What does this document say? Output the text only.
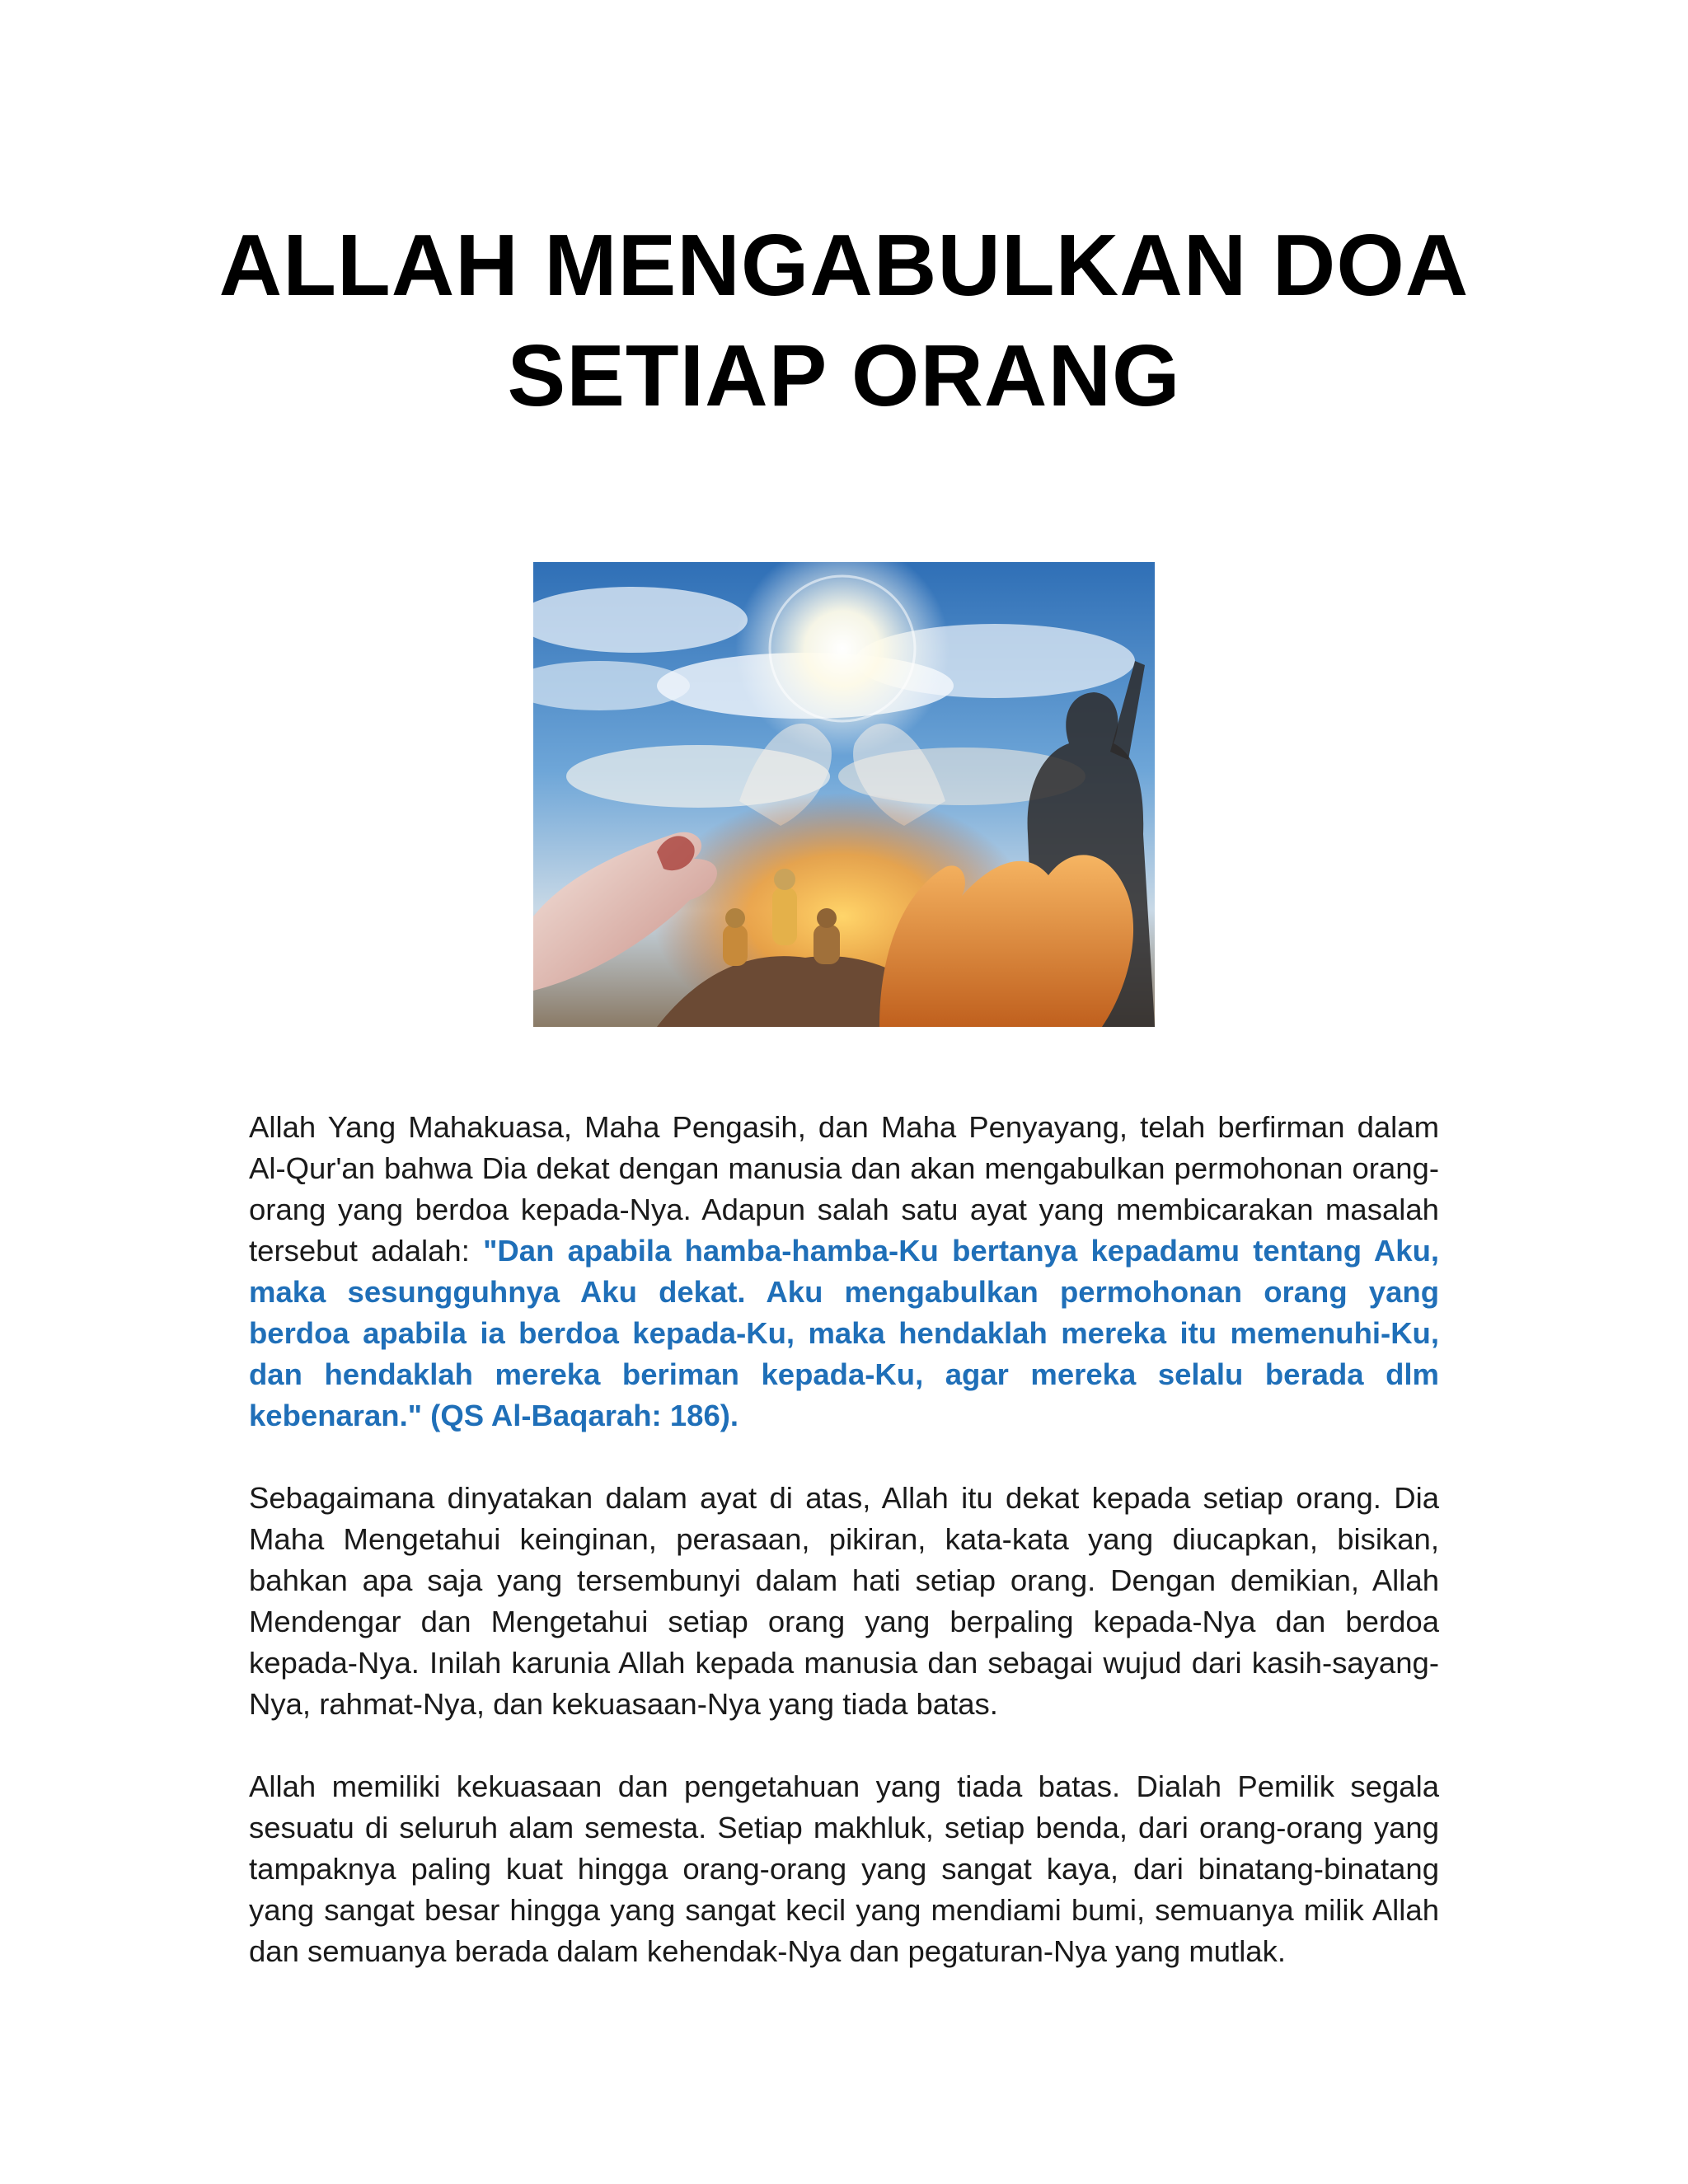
ALLAH MENGABULKAN DOA
SETIAP ORANG

Allah Yang Mahakuasa, Maha Pengasih, dan Maha Penyayang, telah berfirman dalam Al-Qur'an bahwa Dia dekat dengan manusia dan akan mengabulkan permohonan orang-orang yang berdoa kepada-Nya. Adapun salah satu ayat yang membicarakan masalah tersebut adalah: "Dan apabila hamba-hamba-Ku bertanya kepadamu tentang Aku, maka sesungguhnya Aku dekat. Aku mengabulkan permohonan orang yang berdoa apabila ia berdoa kepada-Ku, maka hendaklah mereka itu memenuhi-Ku, dan hendaklah mereka beriman kepada-Ku, agar mereka selalu berada dlm kebenaran." (QS Al-Baqarah: 186).

Sebagaimana dinyatakan dalam ayat di atas, Allah itu dekat kepada setiap orang. Dia Maha Mengetahui keinginan, perasaan, pikiran, kata-kata yang diucapkan, bisikan, bahkan apa saja yang tersembunyi dalam hati setiap orang. Dengan demikian, Allah Mendengar dan Mengetahui setiap orang yang berpaling kepada-Nya dan berdoa kepada-Nya. Inilah karunia Allah kepada manusia dan sebagai wujud dari kasih-sayang-Nya, rahmat-Nya, dan kekuasaan-Nya yang tiada batas.

Allah memiliki kekuasaan dan pengetahuan yang tiada batas. Dialah Pemilik segala sesuatu di seluruh alam semesta. Setiap makhluk, setiap benda, dari orang-orang yang tampaknya paling kuat hingga orang-orang yang sangat kaya, dari binatang-binatang yang sangat besar hingga yang sangat kecil yang mendiami bumi, semuanya milik Allah dan semuanya berada dalam kehendak-Nya dan pegaturan-Nya yang mutlak.
